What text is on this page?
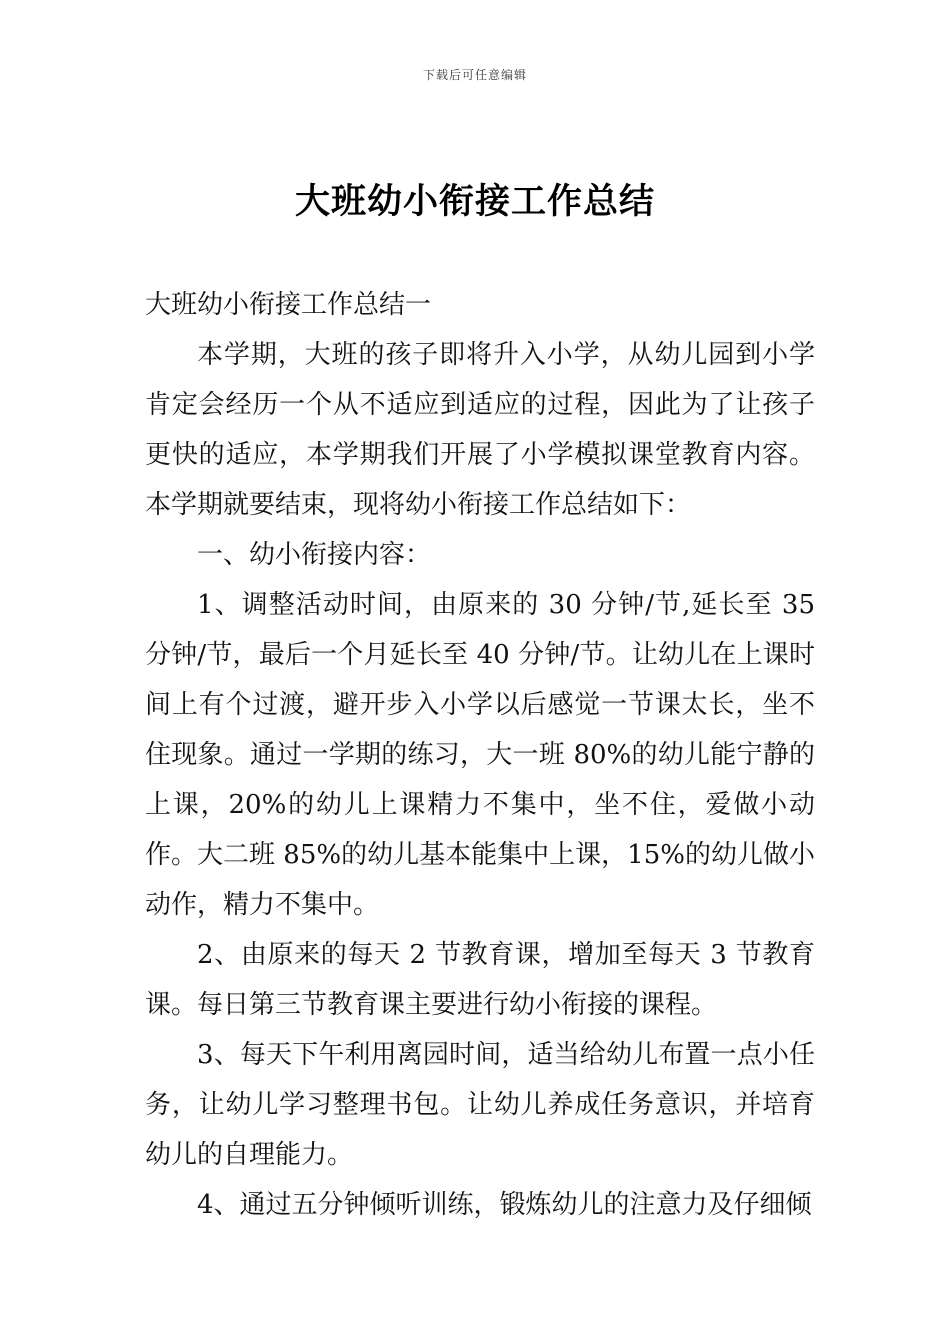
下载后可任意编辑
大班幼小衔接工作总结

大班幼小衔接工作总结一

本学期，大班的孩子即将升入小学，从幼儿园到小学肯定会经历一个从不适应到适应的过程，因此为了让孩子更快的适应，本学期我们开展了小学模拟课堂教育内容。本学期就要结束，现将幼小衔接工作总结如下：

一、幼小衔接内容：

1、调整活动时间，由原来的 30 分钟/节,延长至 35 分钟/节，最后一个月延长至 40 分钟/节。让幼儿在上课时间上有个过渡，避开步入小学以后感觉一节课太长，坐不住现象。通过一学期的练习，大一班 80%的幼儿能宁静的上课，20%的幼儿上课精力不集中，坐不住，爱做小动作。大二班 85%的幼儿基本能集中上课，15%的幼儿做小动作，精力不集中。

2、由原来的每天 2 节教育课，增加至每天 3 节教育课。每日第三节教育课主要进行幼小衔接的课程。

3、每天下午利用离园时间，适当给幼儿布置一点小任务，让幼儿学习整理书包。让幼儿养成任务意识，并培育幼儿的自理能力。

4、通过五分钟倾听训练，锻炼幼儿的注意力及仔细倾
